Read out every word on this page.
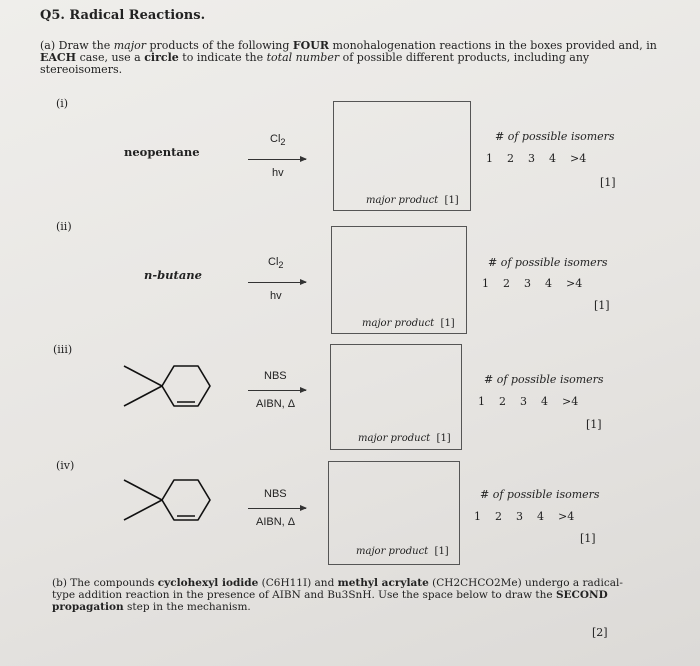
Q5. Radical Reactions.
(a) Draw the major products of the following FOUR monohalogenation reactions in the boxes provided and, in EACH case, use a circle to indicate the total number of possible different products, including any stereoisomers.
(i)
neopentane
$Cl_2$
hv
major product [1]
# of possible isomers
1 2 3 4 >4
[1]
(ii)
n-butane
$Cl_2$
hv
major product [1]
# of possible isomers
1 2 3 4 >4
[1]
(iii)
NBS
AIBN, Δ
major product [1]
# of possible isomers
1 2 3 4 >4
[1]
(iv)
NBS
AIBN, Δ
major product [1]
# of possible isomers
1 2 3 4 >4
[1]
(b) The compounds cyclohexyl iodide (C6H11I) and methyl acrylate (CH2CHCO2Me) undergo a radical-type addition reaction in the presence of AIBN and Bu3SnH. Use the space below to draw the SECOND propagation step in the mechanism.
[2]
